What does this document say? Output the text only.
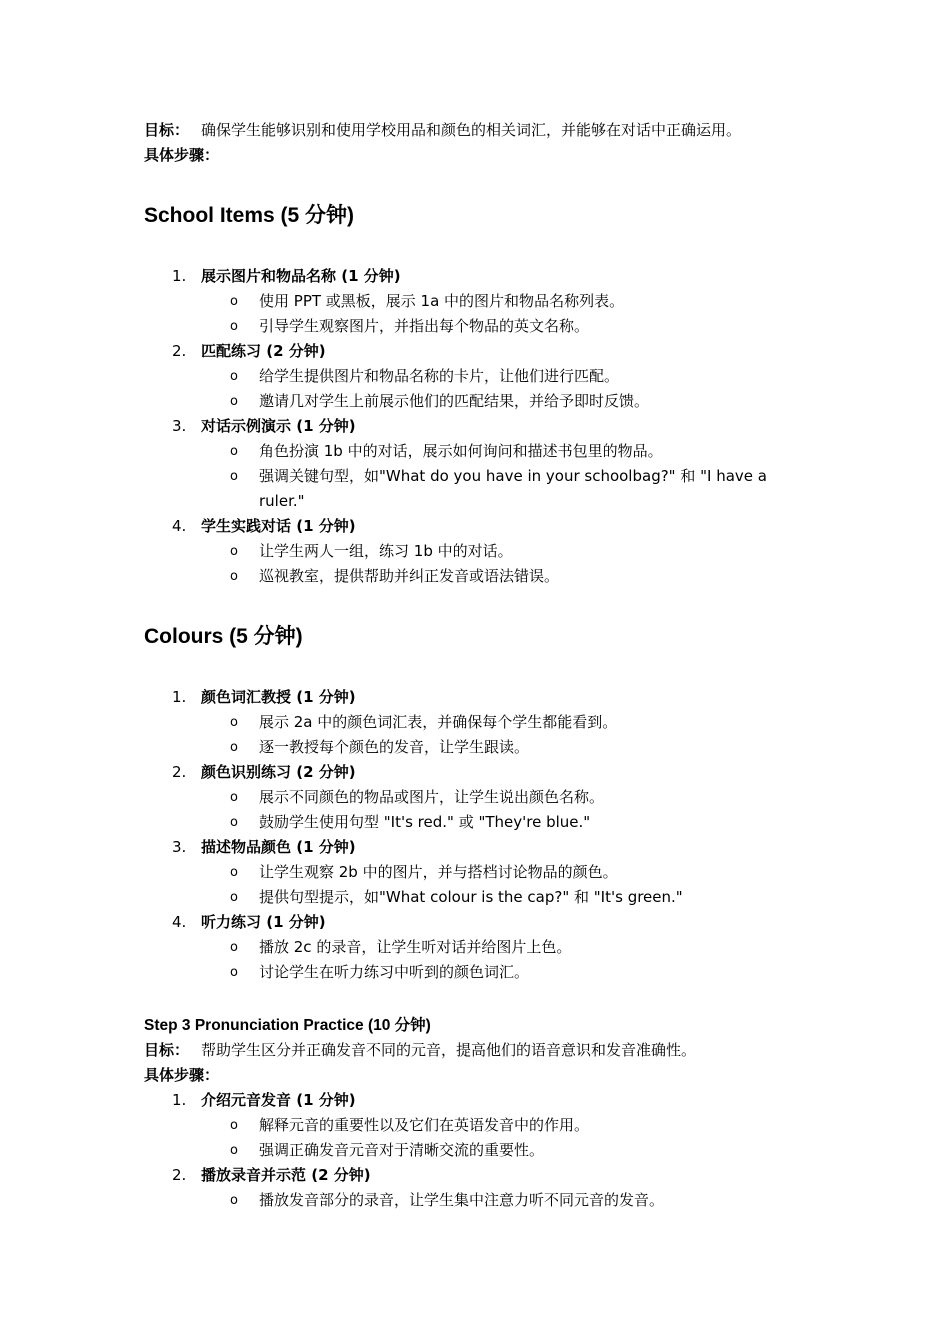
目标： 确保学生能够识别和使用学校用品和颜色的相关词汇，并能够在对话中正确运用。
具体步骤：
School Items (5 分钟)
1. 展示图片和物品名称 (1 分钟)
o 使用 PPT 或黑板，展示 1a 中的图片和物品名称列表。
o 引导学生观察图片，并指出每个物品的英文名称。
2. 匹配练习 (2 分钟)
o 给学生提供图片和物品名称的卡片，让他们进行匹配。
o 邀请几对学生上前展示他们的匹配结果，并给予即时反馈。
3. 对话示例演示 (1 分钟)
o 角色扮演 1b 中的对话，展示如何询问和描述书包里的物品。
o 强调关键句型，如"What do you have in your schoolbag?" 和 "I have a ruler."
4. 学生实践对话 (1 分钟)
o 让学生两人一组，练习 1b 中的对话。
o 巡视教室，提供帮助并纠正发音或语法错误。
Colours (5 分钟)
1. 颜色词汇教授 (1 分钟)
o 展示 2a 中的颜色词汇表，并确保每个学生都能看到。
o 逐一教授每个颜色的发音，让学生跟读。
2. 颜色识别练习 (2 分钟)
o 展示不同颜色的物品或图片，让学生说出颜色名称。
o 鼓励学生使用句型 "It's red." 或 "They're blue."
3. 描述物品颜色 (1 分钟)
o 让学生观察 2b 中的图片，并与搭档讨论物品的颜色。
o 提供句型提示，如"What colour is the cap?" 和 "It's green."
4. 听力练习 (1 分钟)
o 播放 2c 的录音，让学生听对话并给图片上色。
o 讨论学生在听力练习中听到的颜色词汇。
Step 3 Pronunciation Practice (10 分钟)
目标： 帮助学生区分并正确发音不同的元音，提高他们的语音意识和发音准确性。
具体步骤：
1. 介绍元音发音 (1 分钟)
o 解释元音的重要性以及它们在英语发音中的作用。
o 强调正确发音元音对于清晰交流的重要性。
2. 播放录音并示范 (2 分钟)
o 播放发音部分的录音，让学生集中注意力听不同元音的发音。
